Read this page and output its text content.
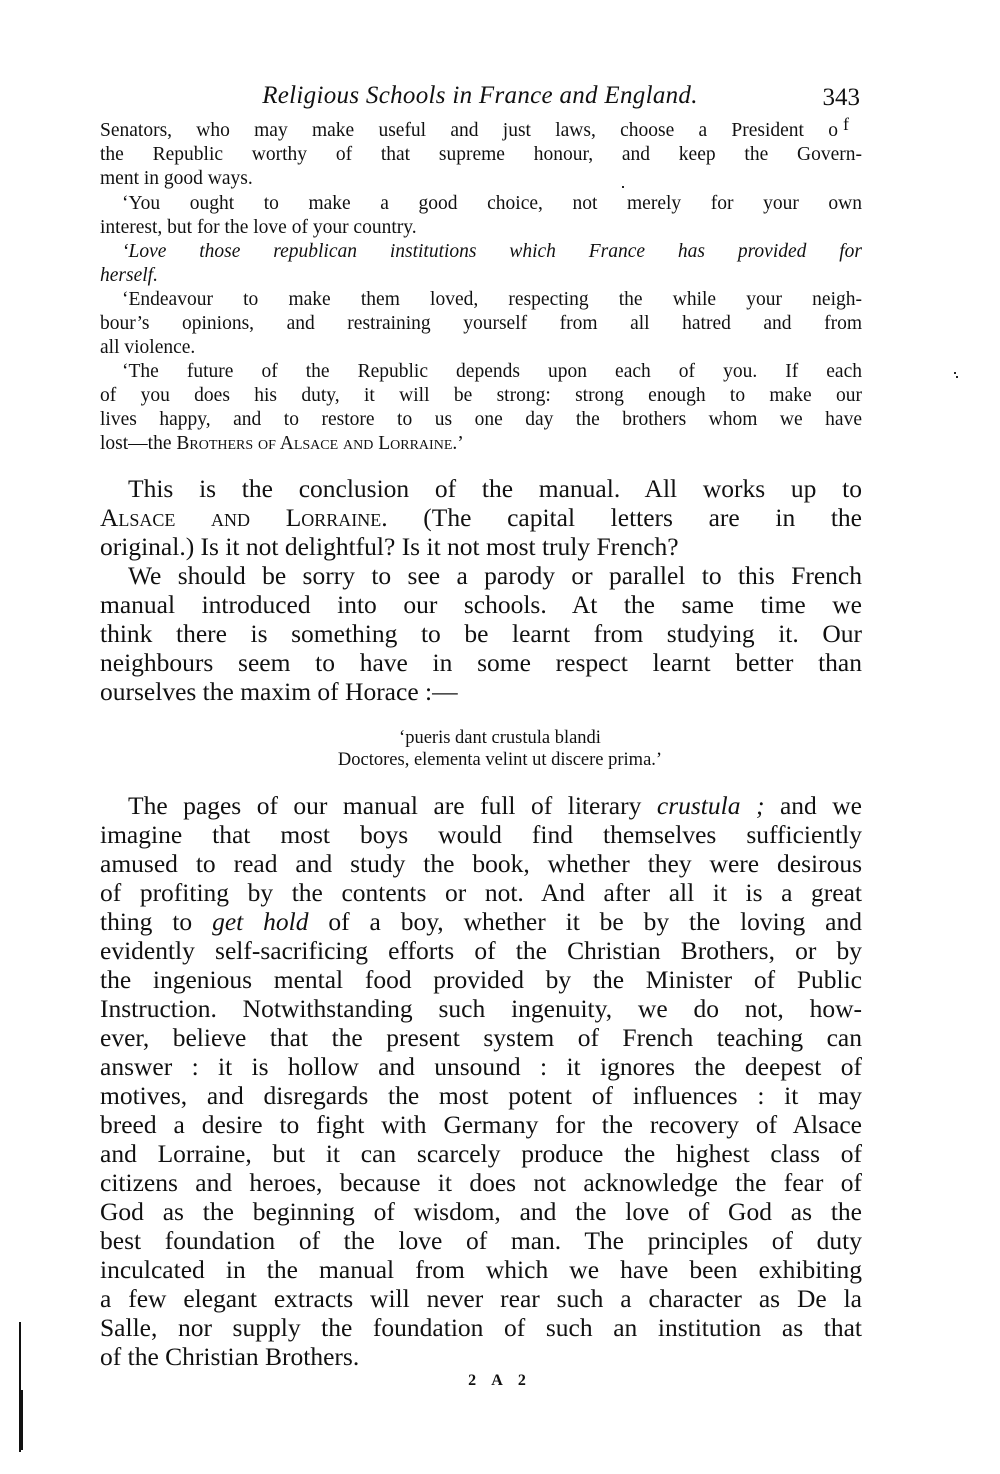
Religious Schools in France and England.	343
Senators, who may make useful and just laws, choose a President o f
the Republic worthy of that supreme honour, and keep the Govern-
ment in good ways.
‘You ought to make a good choice, not merely for your own
interest, but for the love of your country.
‘Love those republican institutions which France has provided for
herself.
‘Endeavour to make them loved, respecting the while your neigh-
bour’s opinions, and restraining yourself from all hatred and from
all violence.
‘The future of the Republic depends upon each of you. If each
of you does his duty, it will be strong: strong enough to make our
lives happy, and to restore to us one day the brothers whom we have
lost—the Brothers of Alsace and Lorraine.’
This is the conclusion of the manual. All works up to
Alsace and Lorraine. (The capital letters are in the
original.) Is it not delightful? Is it not most truly French?
We should be sorry to see a parody or parallel to this French
manual introduced into our schools. At the same time we
think there is something to be learnt from studying it. Our
neighbours seem to have in some respect learnt better than
ourselves the maxim of Horace :—
‘pueris dant crustula blandi
Doctores, elementa velint ut discere prima.’
The pages of our manual are full of literary crustula ; and we
imagine that most boys would find themselves sufficiently
amused to read and study the book, whether they were desirous
of profiting by the contents or not. And after all it is a great
thing to get hold of a boy, whether it be by the loving and
evidently self-sacrificing efforts of the Christian Brothers, or by
the ingenious mental food provided by the Minister of Public
Instruction. Notwithstanding such ingenuity, we do not, how-
ever, believe that the present system of French teaching can
answer : it is hollow and unsound : it ignores the deepest of
motives, and disregards the most potent of influences : it may
breed a desire to fight with Germany for the recovery of Alsace
and Lorraine, but it can scarcely produce the highest class of
citizens and heroes, because it does not acknowledge the fear of
God as the beginning of wisdom, and the love of God as the
best foundation of the love of man. The principles of duty
inculcated in the manual from which we have been exhibiting
a few elegant extracts will never rear such a character as De la
Salle, nor supply the foundation of such an institution as that
of the Christian Brothers.
2 A 2
